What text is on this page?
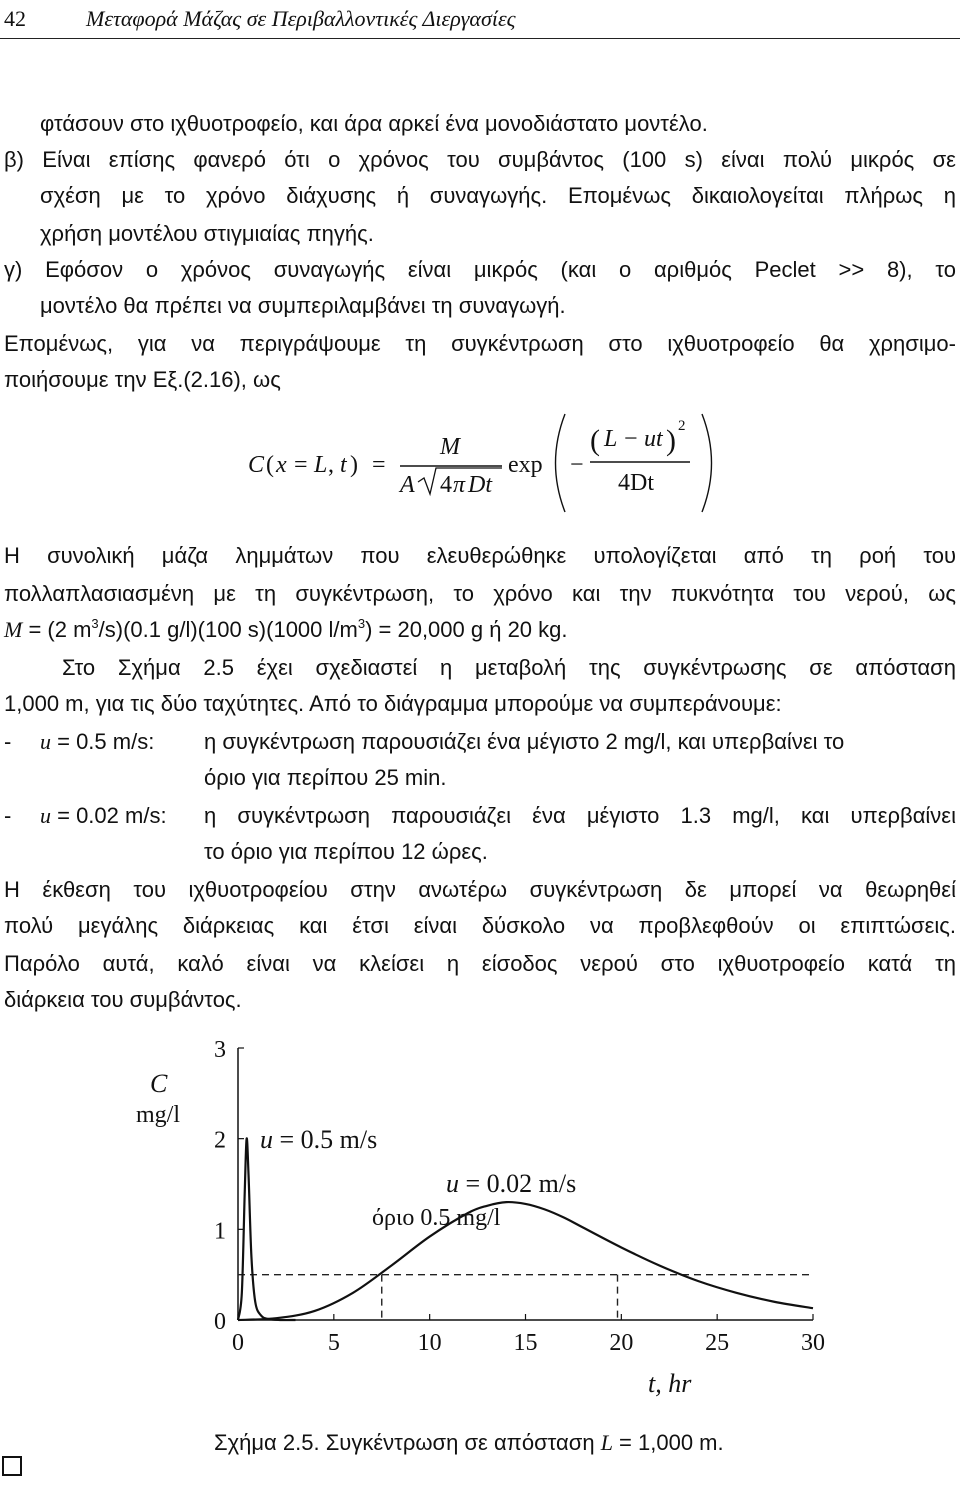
42	Μεταφορά Μάζας σε Περιβαλλοντικές Διεργασίες
φτάσουν στο ιχθυοτροφείο, και άρα αρκεί ένα μονοδιάστατο μοντέλο.
β) Είναι επίσης φανερό ότι ο χρόνος του συμβάντος (100 s) είναι πολύ μικρός σε
σχέση με το χρόνο διάχυσης ή συναγωγής. Επομένως δικαιολογείται πλήρως η
χρήση μοντέλου στιγμιαίας πηγής.
γ) Εφόσον ο χρόνος συναγωγής είναι μικρός (και ο αριθμός Peclet >> 8), το
μοντέλο θα πρέπει να συμπεριλαμβάνει τη συναγωγή.
Επομένως, για να περιγράψουμε τη συγκέντρωση στο ιχθυοτροφείο θα χρησιμο-
ποιήσουμε την Εξ.(2.16), ως
C ( x = L , t ) =
M
A 4 π Dt
exp −
( L − ut ) 2
4Dt
Η συνολική μάζα λημμάτων που ελευθερώθηκε υπολογίζεται από τη ροή του
πολλαπλασιασμένη με τη συγκέντρωση, το χρόνο και την πυκνότητα του νερού, ως
M = (2 $m^3/s)(0.1$ g/l)(100 s)(1000 $l/m^3) = 20,000$ g ή 20 kg.
Στο Σχήμα 2.5 έχει σχεδιαστεί η μεταβολή της συγκέντρωσης σε απόσταση
1,000 m, για τις δύο ταχύτητες. Από το διάγραμμα μπορούμε να συμπεράνουμε:
- u = 0.5 m/s: η συγκέντρωση παρουσιάζει ένα μέγιστο 2 mg/l, και υπερβαίνει το
όριο για περίπου 25 min.
- u = 0.02 m/s: η συγκέντρωση παρουσιάζει ένα μέγιστο 1.3 mg/l, και υπερβαίνει
το όριο για περίπου 12 ώρες.
Η έκθεση του ιχθυοτροφείου στην ανωτέρω συγκέντρωση δε μπορεί να θεωρηθεί
πολύ μεγάλης διάρκειας και έτσι είναι δύσκολο να προβλεφθούν οι επιπτώσεις.
Παρόλο αυτά, καλό είναι να κλείσει η είσοδος νερού στο ιχθυοτροφείο κατά τη
διάρκεια του συμβάντος.
C
mg/l
t, hr
όριο 0.5 mg/l
u = 0.5 m/s
u = 0.02 m/s
0	5	10	15	20	25	30
0
1
2
3
Σχήμα 2.5. Συγκέντρωση σε απόσταση L = 1,000 m.
